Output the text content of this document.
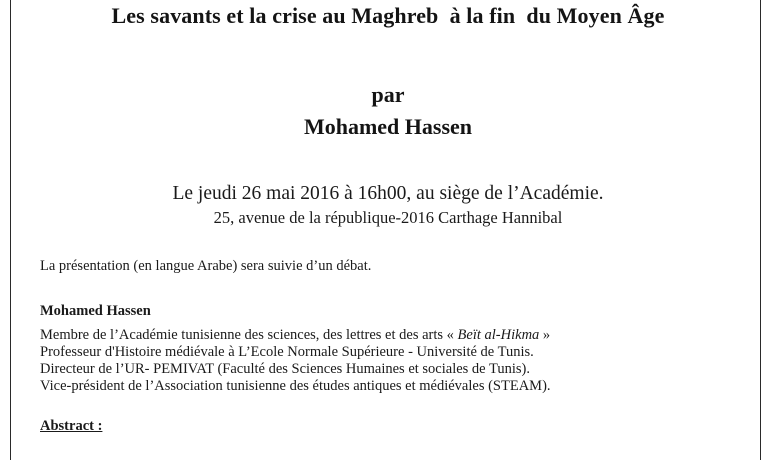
Les savants et la crise au Maghreb  à la fin  du Moyen Âge
par
Mohamed Hassen
Le jeudi 26 mai 2016 à 16h00, au siège de l’Académie.
25, avenue de la république-2016 Carthage Hannibal
La présentation (en langue Arabe) sera suivie d’un débat.
Mohamed Hassen
Membre de l’Académie tunisienne des sciences, des lettres et des arts « Beït al-Hikma »
Professeur d'Histoire médiévale à L’Ecole Normale Supérieure - Université de Tunis.
Directeur de l’UR- PEMIVAT (Faculté des Sciences Humaines et sociales de Tunis).
Vice-président de l’Association tunisienne des études antiques et médiévales (STEAM).
Abstract :
